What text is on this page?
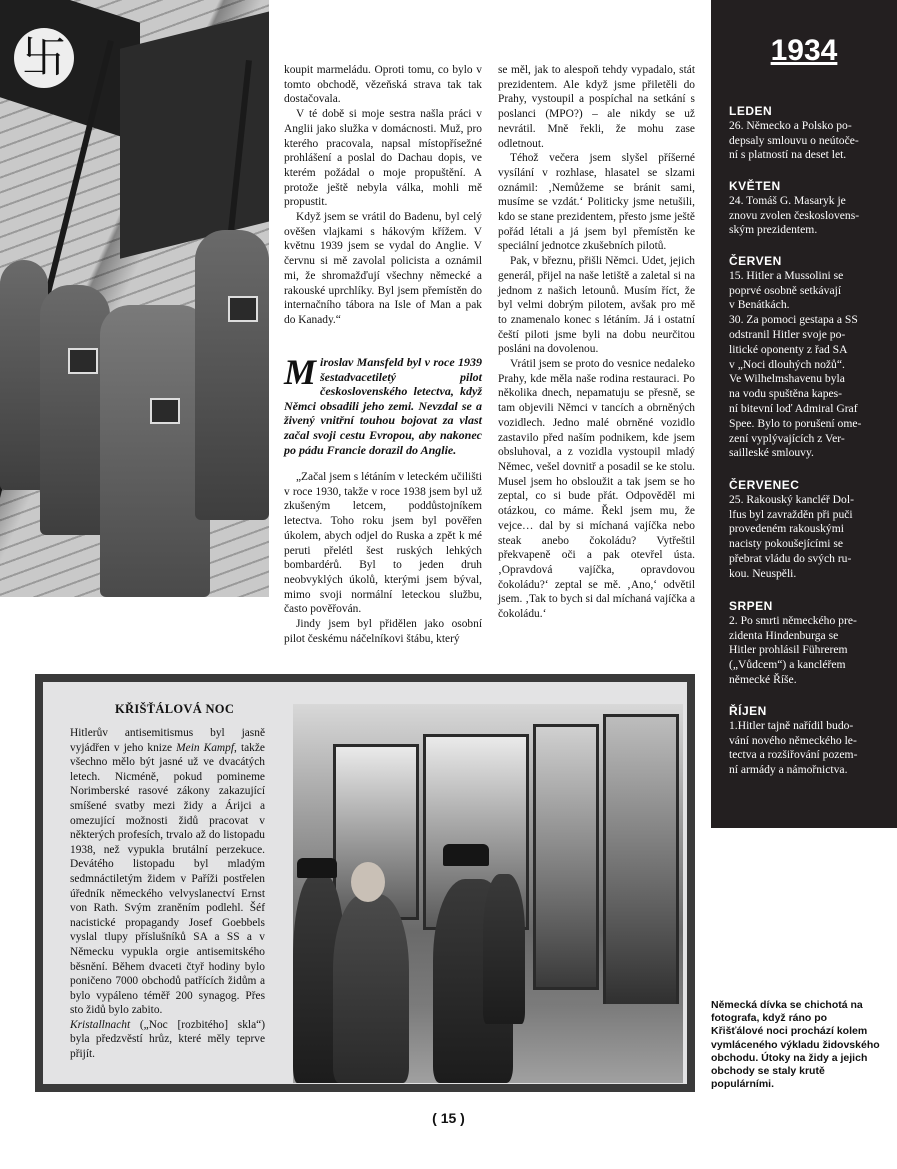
卐	koupit marmeládu. Oproti tomu, co bylo v tomto obchodě, vězeňská strava tak tak dostačovala.

V té době si moje sestra našla práci v Anglii jako služka v domácnosti. Muž, pro kterého pracovala, napsal místopřísežné prohlášení a poslal do Dachau dopis, ve kterém požádal o moje propuštění. A protože ještě nebyla válka, mohli mě propustit.

Když jsem se vrátil do Badenu, byl celý ověšen vlajkami s hákovým křížem. V květnu 1939 jsem se vydal do Anglie. V červnu si mě zavolal policista a oznámil mi, že shromažďují všechny německé a rakouské uprchlíky. Byl jsem přemístěn do internačního tábora na Isle of Man a pak do Kanady.“

Miroslav Mansfeld byl v roce 1939 šestadvacetiletý pilot československého letectva, když Němci obsadili jeho zemi. Nevzdal se a živený vnitřní touhou bojovat za vlast začal svoji cestu Evropou, aby nakonec po pádu Francie dorazil do Anglie.

„Začal jsem s létáním v leteckém učilišti v roce 1930, takže v roce 1938 jsem byl už zkušeným letcem, poddůstojníkem letectva. Toho roku jsem byl pověřen úkolem, abych odjel do Ruska a zpět k mé peruti přelétl šest ruských lehkých bombardérů. Byl to jeden druh neobvyklých úkolů, kterými jsem býval, mimo svoji normální leteckou službu, často pověřován.

Jindy jsem byl přidělen jako osobní pilot českému náčelníkovi štábu, který

se měl, jak to alespoň tehdy vypadalo, stát prezidentem. Ale když jsme přiletěli do Prahy, vystoupil a pospíchal na setkání s poslanci (MPO?) – ale nikdy se už nevrátil. Mně řekli, že mohu zase odletnout.

Téhož večera jsem slyšel příšerné vysílání v rozhlase, hlasatel se slzami oznámil: ‚Nemůžeme se bránit sami, musíme se vzdát.‘ Politicky jsme netušili, kdo se stane prezidentem, přesto jsme ještě pořád létali a já jsem byl přemístěn ke speciální jednotce zkušebních pilotů.

Pak, v březnu, přišli Němci. Udet, jejich generál, přijel na naše letiště a zaletal si na jednom z našich letounů. Musím říct, že byl velmi dobrým pilotem, avšak pro mě to znamenalo konec s létáním. Já i ostatní čeští piloti jsme byli na dobu neurčitou posláni na dovolenou.

Vrátil jsem se proto do vesnice nedaleko Prahy, kde měla naše rodina restauraci. Po několika dnech, nepamatuju se přesně, se tam objevili Němci v tancích a obrněných vozidlech. Jedno malé obrněné vozidlo zastavilo před naším podnikem, kde jsem obsluhoval, a z vozidla vystoupil mladý Němec, vešel dovnitř a posadil se ke stolu. Musel jsem ho obsloužit a tak jsem se ho zeptal, co si bude přát. Odpověděl mi otázkou, co máme. Řekl jsem mu, že vejce… dal by si míchaná vajíčka nebo steak anebo čokoládu? Vytřeštil překvapeně oči a pak otevřel ústa. ‚Opravdová vajíčka, opravdovou čokoládu?‘ zeptal se mě. ‚Ano,‘ odvětil jsem. ‚Tak to bych si dal míchaná vajíčka a čokoládu.‘

1934
LEDEN
26. Německo a Polsko po-
depsaly smlouvu o neútoče-
ní s platností na deset let.
KVĚTEN
24. Tomáš G. Masaryk je
znovu zvolen českoslovens-
ským prezidentem.
ČERVEN
15. Hitler a Mussolini se
poprvé osobně setkávají
v Benátkách.
30. Za pomoci gestapa a SS
odstranil Hitler svoje po-
litické oponenty z řad SA
v „Noci dlouhých nožů“.
Ve Wilhelmshavenu byla
na vodu spuštěna kapes-
ní bitevní loď Admiral Graf
Spee. Bylo to porušení ome-
zení vyplývajících z Ver-
sailleské smlouvy.
ČERVENEC
25. Rakouský kancléř Dol-
lfus byl zavražděn při puči
provedeném rakouskými
nacisty pokoušejícími se
přebrat vládu do svých ru-
kou. Neuspěli.
SRPEN
2. Po smrti německého pre-
zidenta Hindenburga se
Hitler prohlásil Führerem
(„Vůdcem“) a kancléřem
německé Říše.
ŘÍJEN
1.Hitler tajně nařídil budo-
vání nového německého le-
tectva a rozšiřování pozem-
ní armády a námořnictva.
KŘIŠŤÁLOVÁ NOC
Hitlerův antisemitismus byl jasně vyjádřen v jeho knize Mein Kampf, takže všechno mělo být jasné už ve dvacátých letech. Nicméně, pokud pomineme Norimberské rasové zákony zakazující smíšené svatby mezi židy a Árijci a omezující možnosti židů pracovat v některých profesích, trvalo až do listopadu 1938, než vypukla brutální perzekuce. Devátého listopadu byl mladým sedmnáctiletým židem v Paříži postřelen úředník německého velvyslanectví Ernst von Rath. Svým zraněním podlehl. Šéf nacistické propagandy Josef Goebbels vyslal tlupy příslušníků SA a SS a v Německu vypukla orgie antisemitského běsnění. Během dvaceti čtyř hodiny bylo poničeno 7000 obchodů patřících židům a bylo vypáleno téměř 200 synagog. Přes sto židů bylo zabito.
Kristallnacht („Noc [rozbitého] skla“) byla předzvěstí hrůz, které měly teprve přijít.
Německá dívka se chichotá na fotografa, když ráno po Křišťálové noci prochází kolem vymláceného výkladu židovského obchodu. Útoky na židy a jejich obchody se staly krutě populárními.
( 15 )
